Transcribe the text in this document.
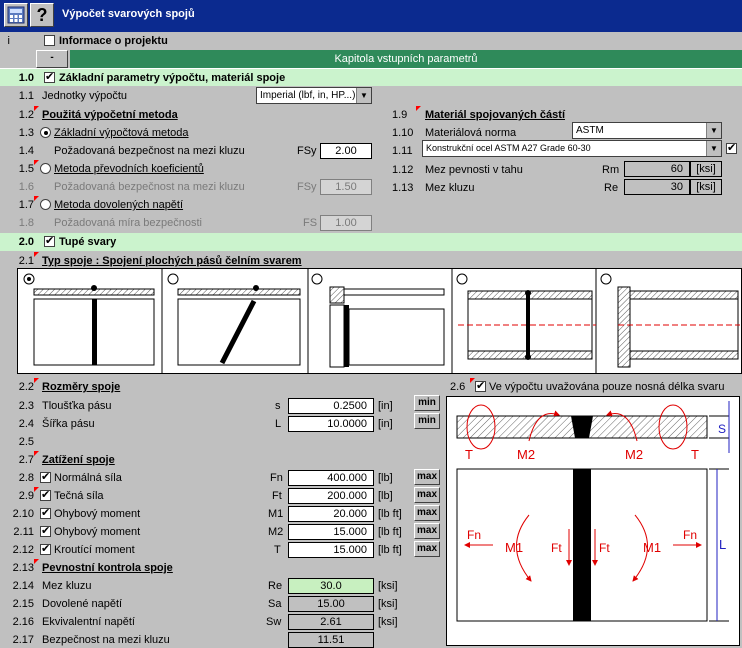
?	Výpočet svarových spojů
i	Informace o projektu
-	Kapitola vstupních parametrů
1.0 ✔ Základní parametry výpočtu, materiál spoje
1.1 Jednotky výpočtu	Imperial (lbf, in, HP...) ▼
1.2 Použitá výpočetní metoda
1.3 Základní výpočtová metoda
1.4 Požadovaná bezpečnost na mezi kluzu	FSy	2.00
1.5 Metoda převodních koeficientů
1.6 Požadovaná bezpečnost na mezi kluzu	FSy	1.50
1.7 Metoda dovolených napětí
1.8 Požadovaná míra bezpečnosti	FS	1.00
1.9 Materiál spojovaných částí
1.10 Materiálová norma	ASTM	▼
1.11	Konstrukční ocel ASTM A27 Grade 60-30	▼
✔
1.12 Mez pevnosti v tahu	Rm	60	[ksi]
1.13 Mez kluzu	Re	30	[ksi]
2.0 ✔ Tupé svary
2.1 Typ spoje : Spojení plochých pásů čelním svarem
2.2 Rozměry spoje
2.3 Tloušťka pásu	s	0.2500	[in]	min
2.4 Šířka pásu	L	10.0000	[in]	min
2.5
2.6 ✔ Ve výpočtu uvažována pouze nosná délka svaru
2.7 Zatížení spoje
2.8 ✔ Normálná síla	Fn	400.000	[lb] max
2.9 ✔ Tečná síla	Ft	200.000	[lb] max
2.10 ✔ Ohybový moment	M1	20.000	[lb ft] max
2.11 ✔ Ohybový moment	M2	15.000	[lb ft] max
2.12 ✔ Kroutící moment	T	15.000	[lb ft] max
2.13 Pevnostní kontrola spoje
2.14 Mez kluzu	Re	30.0	[ksi]
2.15 Dovolené napětí	Sa	15.00	[ksi]
2.16 Ekvivalentní napětí	Sw	2.61	[ksi]
2.17 Bezpečnost na mezi kluzu	11.51
T	T
M2	M2
S
L
Fn	Fn
Ft	Ft
M1	M1
